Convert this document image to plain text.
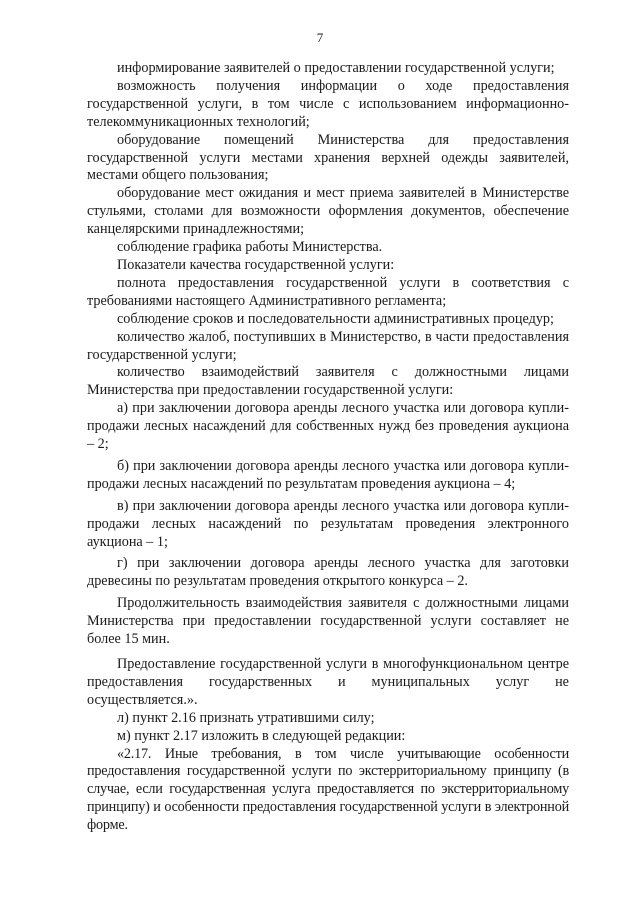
7

информирование заявителей о предоставлении государственной услуги;

возможность получения информации о ходе предоставления государственной услуги, в том числе с использованием информационно-телекоммуникационных технологий;

оборудование помещений Министерства для предоставления государственной услуги местами хранения верхней одежды заявителей, местами общего пользования;

оборудование мест ожидания и мест приема заявителей в Министерстве стульями, столами для возможности оформления документов, обеспечение канцелярскими принадлежностями;

соблюдение графика работы Министерства.

Показатели качества государственной услуги:

полнота предоставления государственной услуги в соответствия с требованиями настоящего Административного регламента;

соблюдение сроков и последовательности административных процедур;

количество жалоб, поступивших в Министерство, в части предоставления государственной услуги;

количество взаимодействий заявителя с должностными лицами Министерства при предоставлении государственной услуги:

а) при заключении договора аренды лесного участка или договора купли-продажи лесных насаждений для собственных нужд без проведения аукциона – 2;

б) при заключении договора аренды лесного участка или договора купли-продажи лесных насаждений по результатам проведения аукциона – 4;

в) при заключении договора аренды лесного участка или договора купли-продажи лесных насаждений по результатам проведения электронного аукциона – 1;

г) при заключении договора аренды лесного участка для заготовки древесины по результатам проведения открытого конкурса – 2.

Продолжительность взаимодействия заявителя с должностными лицами Министерства при предоставлении государственной услуги составляет не более 15 мин.

Предоставление государственной услуги в многофункциональном центре предоставления государственных и муниципальных услуг не осуществляется.».

л) пункт 2.16 признать утратившими силу;

м) пункт 2.17 изложить в следующей редакции:

«2.17. Иные требования, в том числе учитывающие особенности предоставления государственной услуги по экстерриториальному принципу (в случае, если государственная услуга предоставляется по экстерриториальному принципу) и особенности предоставления государственной услуги в электронной форме.
